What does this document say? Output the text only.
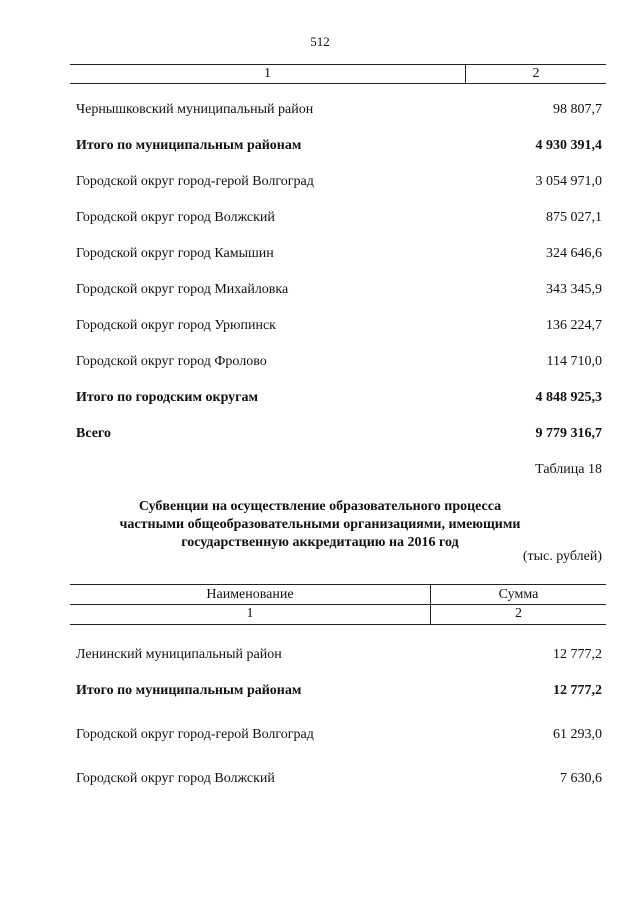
512
1	2
Чернышковский муниципальный район	98 807,7
Итого по муниципальным районам	4 930 391,4
Городской округ город-герой Волгоград	3 054 971,0
Городской округ город Волжский	875 027,1
Городской округ город Камышин	324 646,6
Городской округ город Михайловка	343 345,9
Городской округ город Урюпинск	136 224,7
Городской округ город Фролово	114 710,0
Итого по городским округам	4 848 925,3
Всего	9 779 316,7
Таблица 18
Субвенции на осуществление образовательного процесса
частными общеобразовательными организациями, имеющими
государственную аккредитацию на 2016 год
(тыс. рублей)
Наименование	Сумма
1	2
Ленинский муниципальный район	12 777,2
Итого по муниципальным районам	12 777,2
Городской округ город-герой Волгоград	61 293,0
Городской округ город Волжский	7 630,6
